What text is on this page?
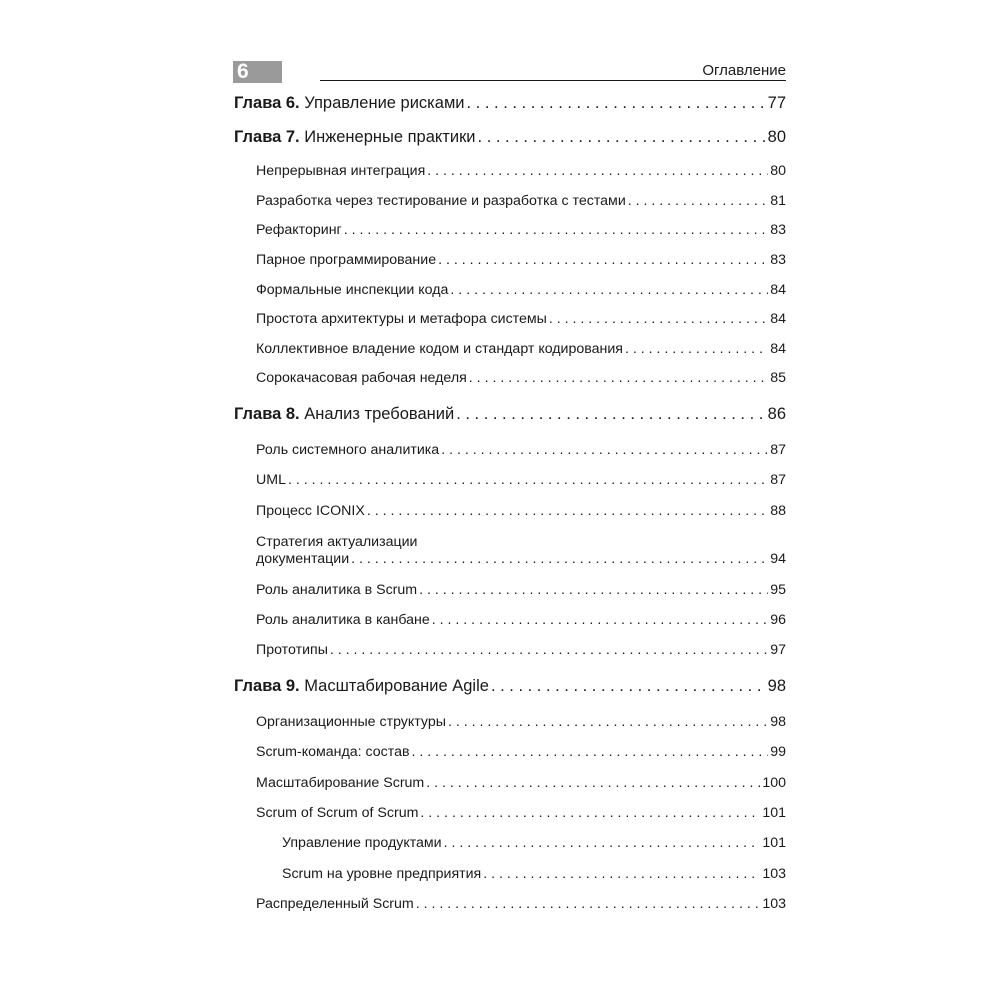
6	Оглавление
Глава 6. Управление рисками . . .	77
Глава 7. Инженерные практики . . .	80
Непрерывная интеграция . . .	80
Разработка через тестирование и разработка с тестами . . .	81
Рефакторинг . . .	83
Парное программирование . . .	83
Формальные инспекции кода . . .	84
Простота архитектуры и метафора системы . . .	84
Коллективное владение кодом и стандарт кодирования . . .	84
Сорокачасовая рабочая неделя . . .	85
Глава 8. Анализ требований . . .	86
Роль системного аналитика . . .	87
UML . . .	87
Процесс ICONIX . . .	88
Стратегия актуализации
документации . . .	94
Роль аналитика в Scrum . . .	95
Роль аналитика в канбане . . .	96
Прототипы . . .	97
Глава 9. Масштабирование Agile . . .	98
Организационные структуры . . .	98
Scrum-команда: состав . . .	99
Масштабирование Scrum . . .	100
Scrum of Scrum of Scrum . . .	101
Управление продуктами . . .	101
Scrum на уровне предприятия . . .	103
Распределенный Scrum . . .	103
